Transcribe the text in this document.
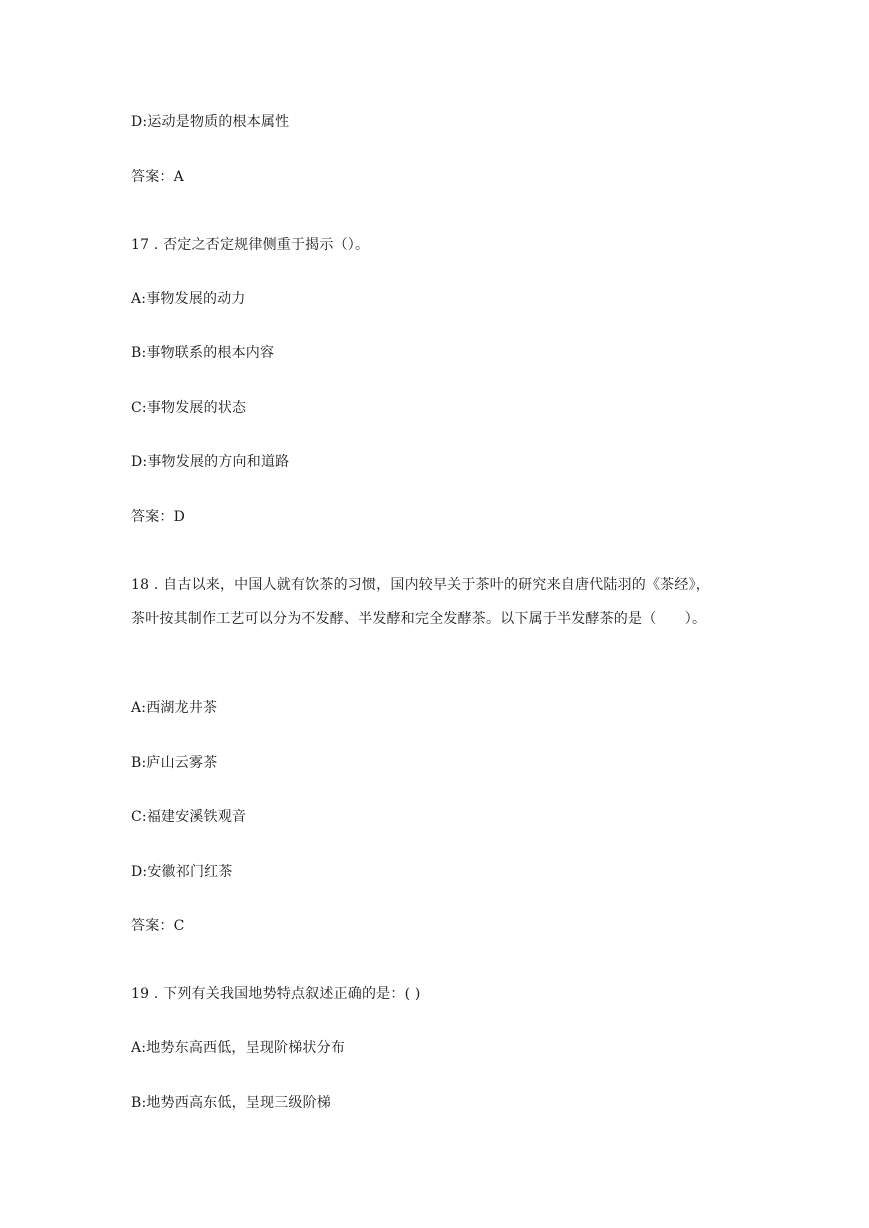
D:运动是物质的根本属性
答案：A
17 . 否定之否定规律侧重于揭示（）。
A:事物发展的动力
B:事物联系的根本内容
C:事物发展的状态
D:事物发展的方向和道路
答案：D
18 . 自古以来，中国人就有饮茶的习惯，国内较早关于茶叶的研究来自唐代陆羽的《茶经》，
茶叶按其制作工艺可以分为不发酵、半发酵和完全发酵茶。以下属于半发酵茶的是（　　）。
A:西湖龙井茶
B:庐山云雾茶
C:福建安溪铁观音
D:安徽祁门红茶
答案：C
19 . 下列有关我国地势特点叙述正确的是：( )
A:地势东高西低，呈现阶梯状分布
B:地势西高东低，呈现三级阶梯
